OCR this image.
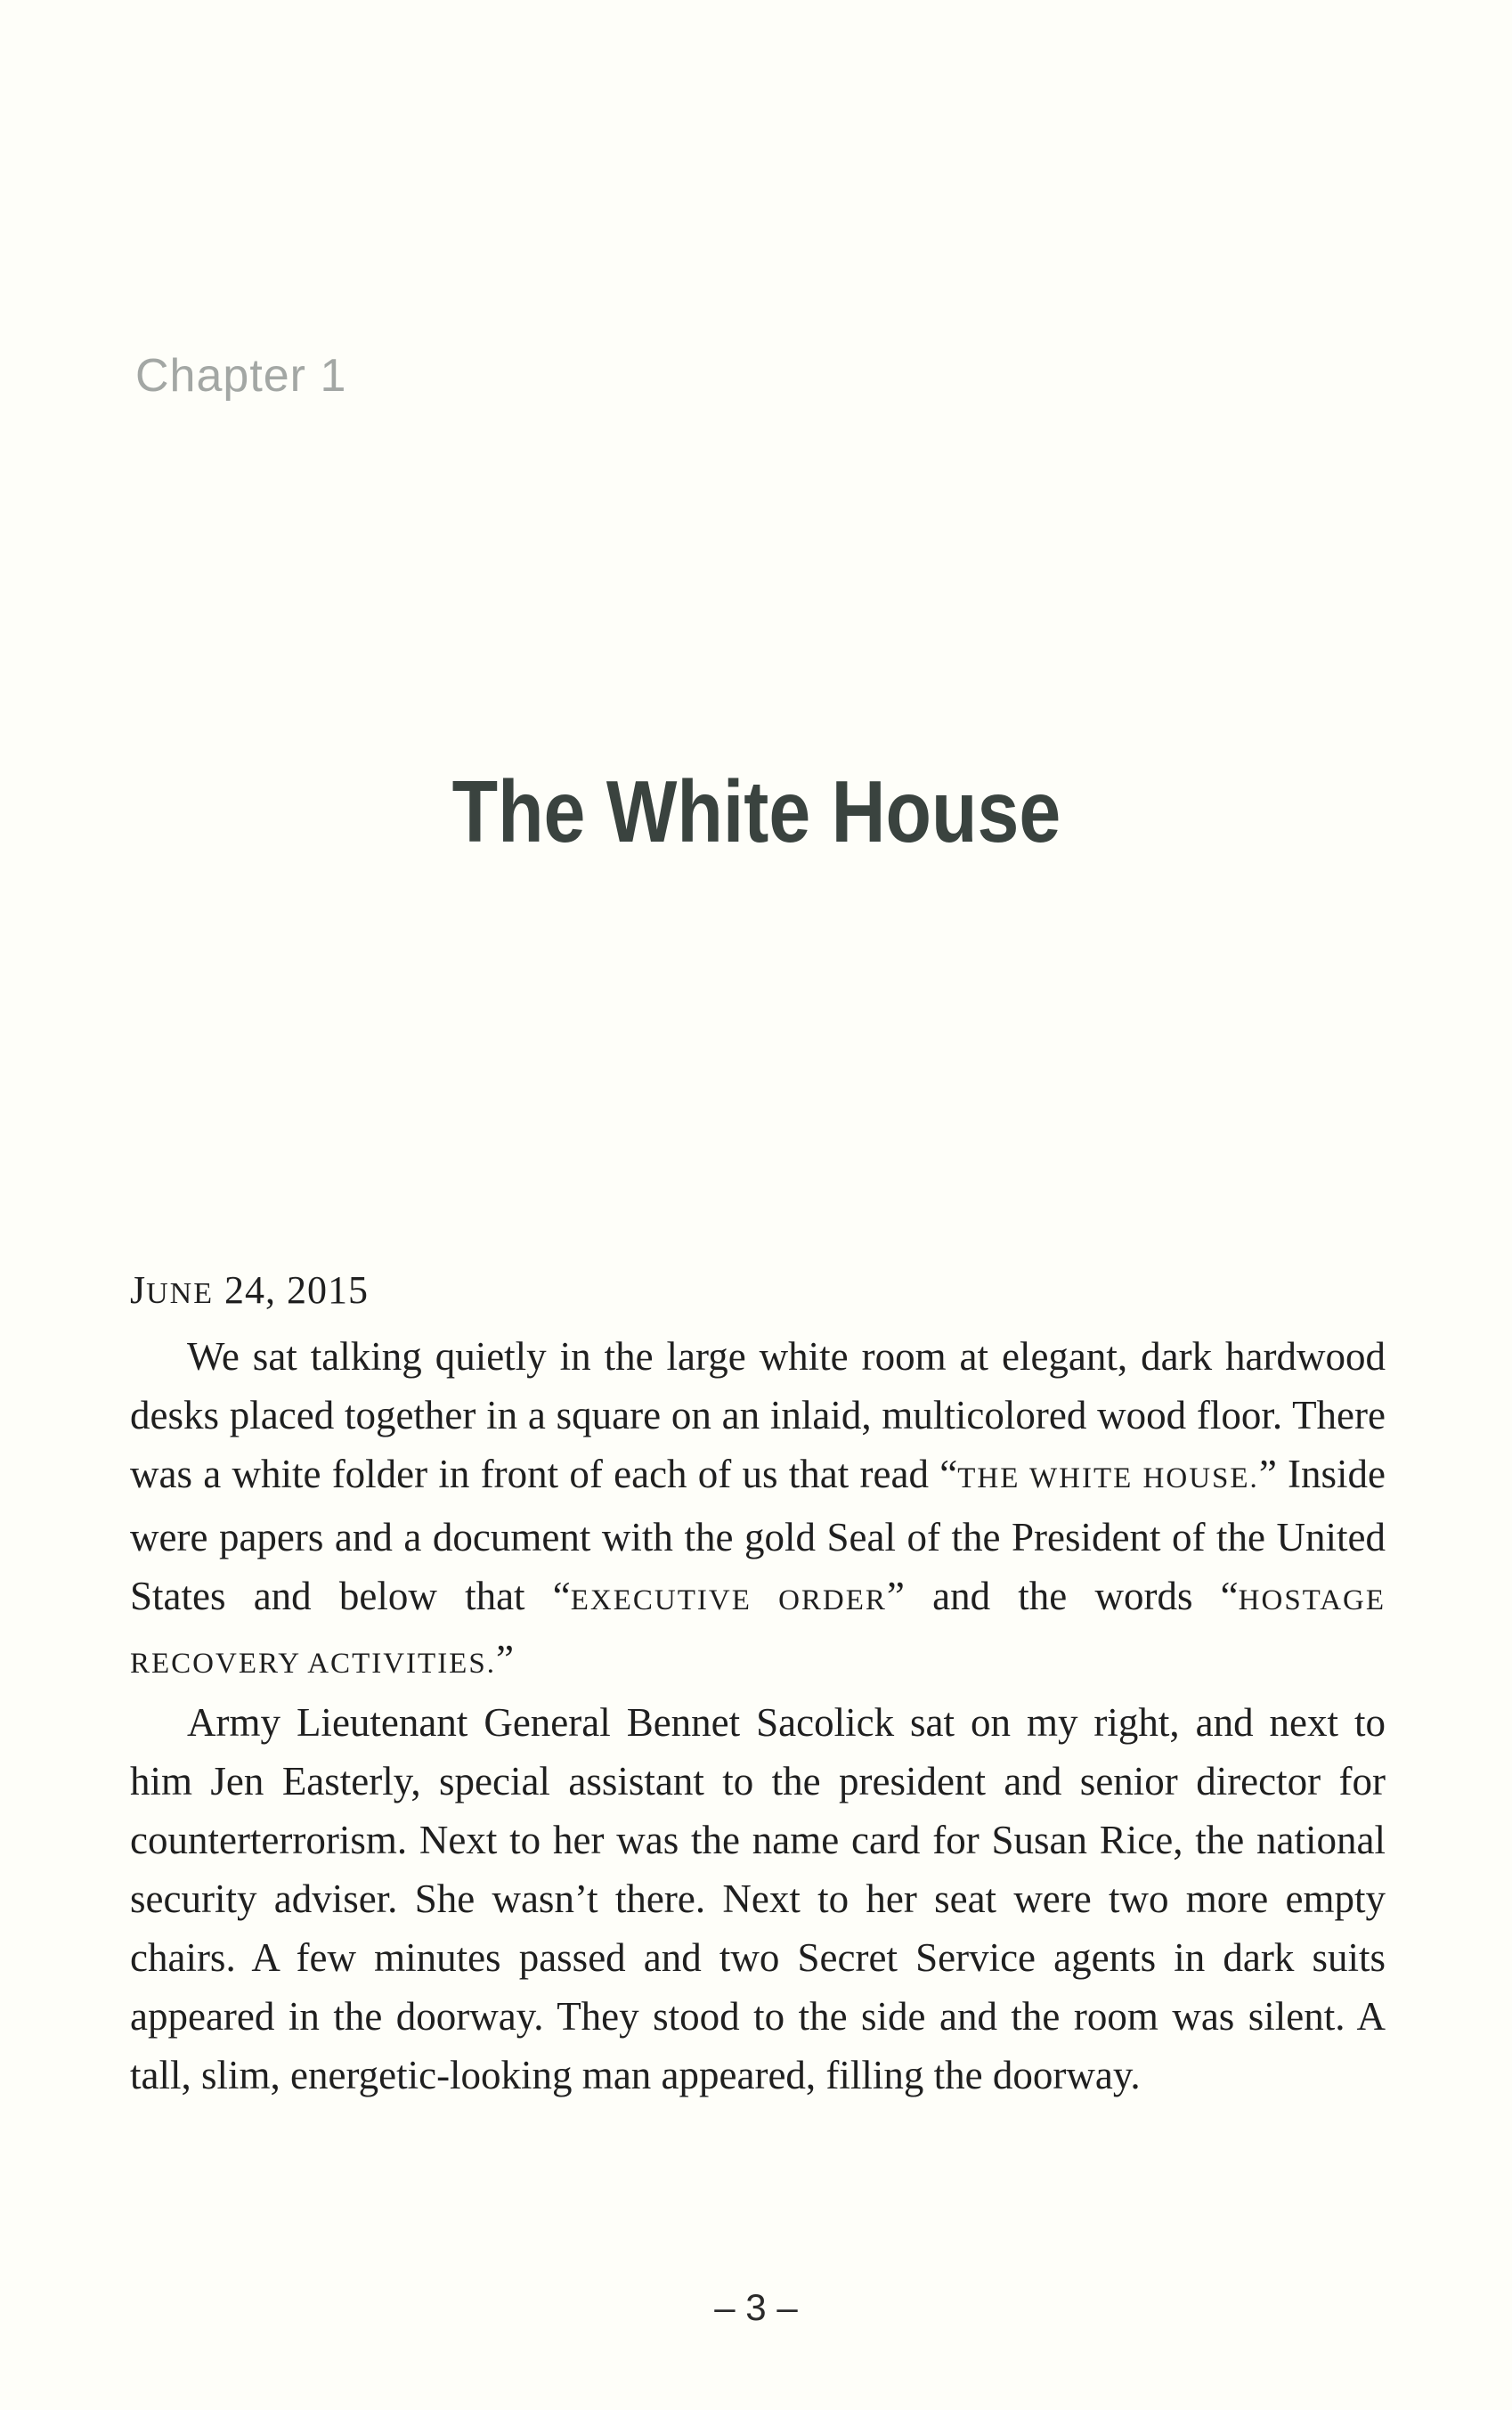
Chapter 1
The White House
JUNE 24, 2015

We sat talking quietly in the large white room at elegant, dark hardwood desks placed together in a square on an inlaid, multicolored wood floor. There was a white folder in front of each of us that read “THE WHITE HOUSE.” Inside were papers and a document with the gold Seal of the President of the United States and below that “EXECUTIVE ORDER” and the words “HOSTAGE RECOVERY ACTIVITIES.”

Army Lieutenant General Bennet Sacolick sat on my right, and next to him Jen Easterly, special assistant to the president and senior director for counterterrorism. Next to her was the name card for Susan Rice, the national security adviser. She wasn’t there. Next to her seat were two more empty chairs. A few minutes passed and two Secret Service agents in dark suits appeared in the doorway. They stood to the side and the room was silent. A tall, slim, energetic-looking man appeared, filling the doorway.

– 3 –
